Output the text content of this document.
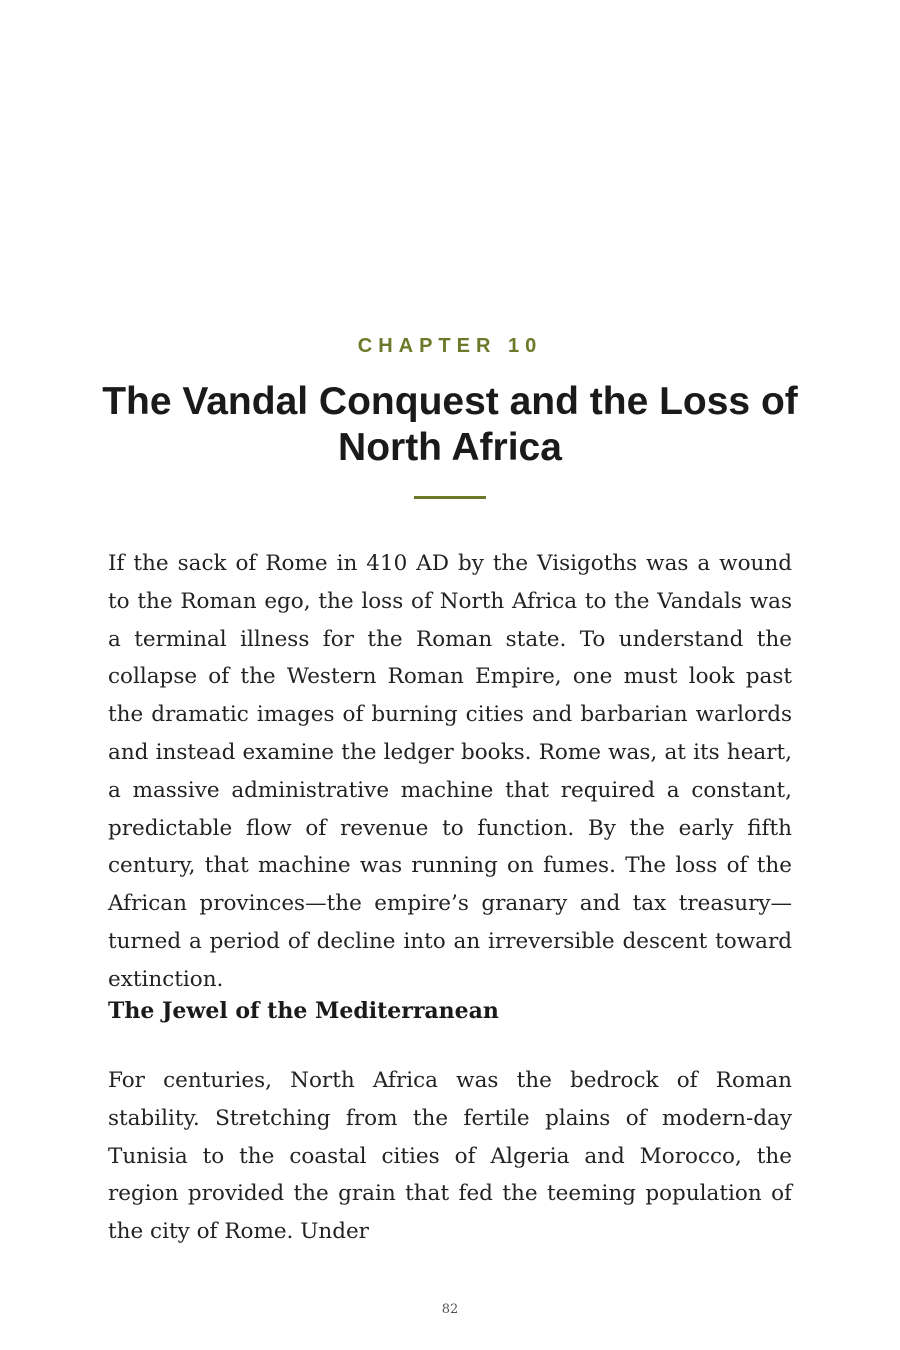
CHAPTER 10
The Vandal Conquest and the Loss of North Africa

If the sack of Rome in 410 AD by the Visigoths was a wound to the Roman ego, the loss of North Africa to the Vandals was a terminal illness for the Roman state. To understand the collapse of the Western Roman Empire, one must look past the dramatic images of burning cities and barbarian warlords and instead examine the ledger books. Rome was, at its heart, a massive administrative machine that required a constant, predictable flow of revenue to function. By the early fifth century, that machine was running on fumes. The loss of the African provinces—the empire’s granary and tax treasury—turned a period of decline into an irreversible descent toward extinction.

The Jewel of the Mediterranean

For centuries, North Africa was the bedrock of Roman stability. Stretching from the fertile plains of modern-day Tunisia to the coastal cities of Algeria and Morocco, the region provided the grain that fed the teeming population of the city of Rome. Under

82
